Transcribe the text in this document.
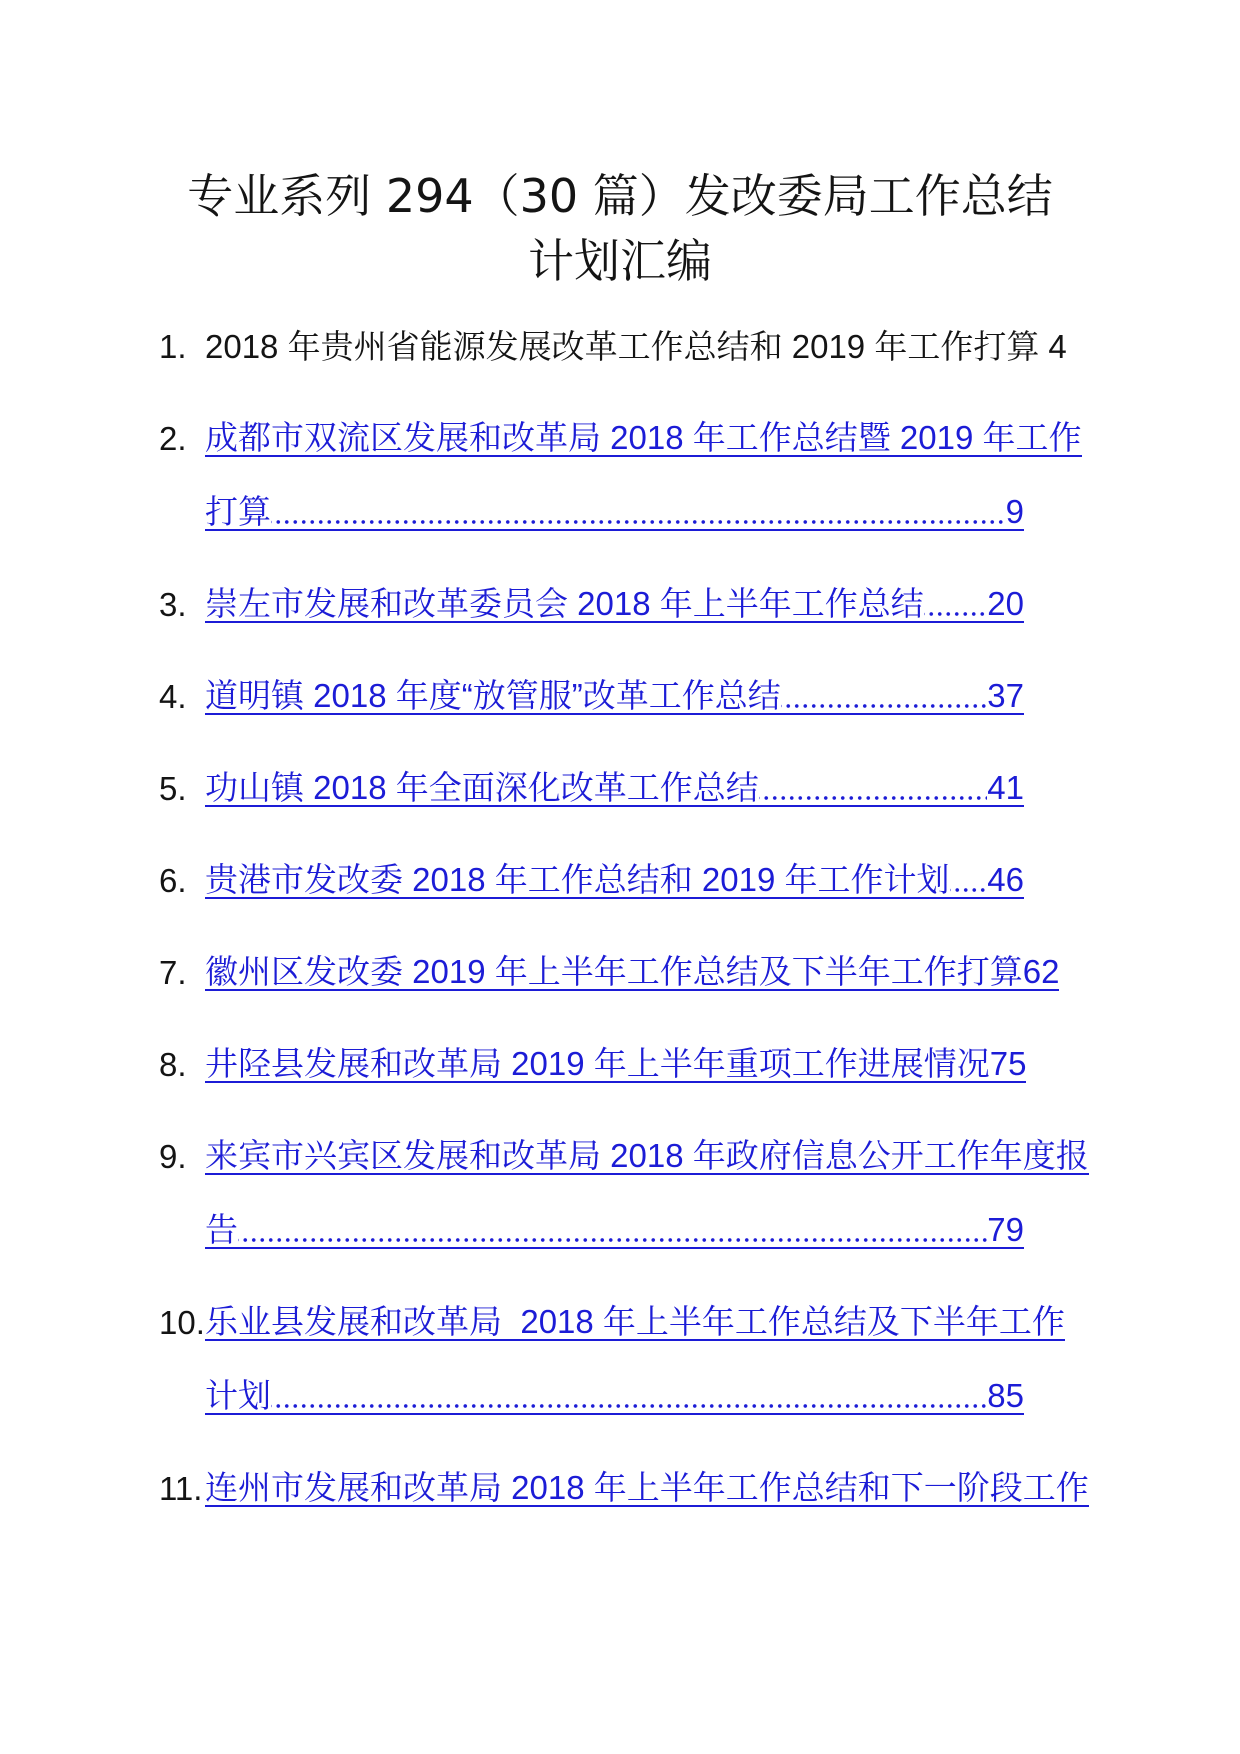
专业系列 294（30 篇）发改委局工作总结
计划汇编
1. 2018 年贵州省能源发展改革工作总结和 2019 年工作打算 4
2. 成都市双流区发展和改革局 2018 年工作总结暨 2019 年工作
打算	9
3. 崇左市发展和改革委员会 2018 年上半年工作总结 20
4. 道明镇 2018 年度“放管服”改革工作总结	37
5. 功山镇 2018 年全面深化改革工作总结	41
6. 贵港市发改委 2018 年工作总结和 2019 年工作计划 46
7. 徽州区发改委 2019 年上半年工作总结及下半年工作打算 62
8. 井陉县发展和改革局 2019 年上半年重项工作进展情况 75
9. 来宾市兴宾区发展和改革局 2018 年政府信息公开工作年度报
告	79
10. 乐业县发展和改革局  2018 年上半年工作总结及下半年工作
计划	85
11. 连州市发展和改革局 2018 年上半年工作总结和下一阶段工作
